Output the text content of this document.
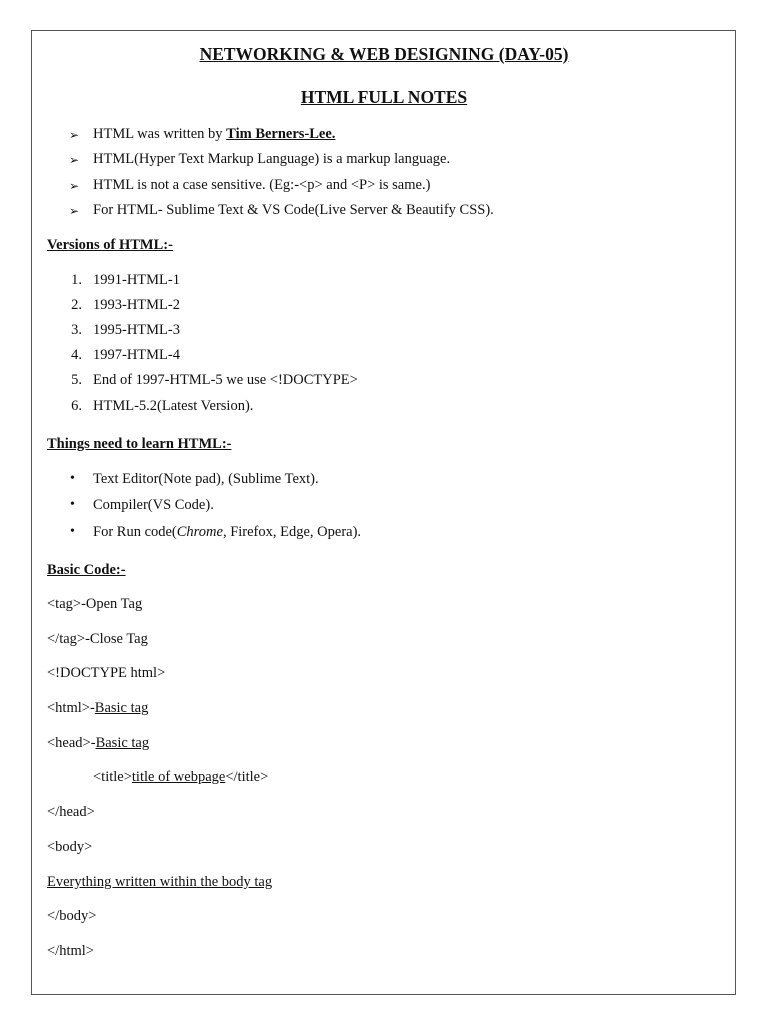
NETWORKING & WEB DESIGNING (DAY-05)
HTML FULL NOTES
➢ HTML was written by Tim Berners-Lee.
➢ HTML(Hyper Text Markup Language) is a markup language.
➢ HTML is not a case sensitive. (Eg:-<p> and <P> is same.)
➢ For HTML- Sublime Text & VS Code(Live Server & Beautify CSS).
Versions of HTML:-
1. 1991-HTML-1
2. 1993-HTML-2
3. 1995-HTML-3
4. 1997-HTML-4
5. End of 1997-HTML-5 we use <!DOCTYPE>
6. HTML-5.2(Latest Version).
Things need to learn HTML:-
• Text Editor(Note pad), (Sublime Text).
• Compiler(VS Code).
• For Run code(Chrome, Firefox, Edge, Opera).
Basic Code:-
<tag>-Open Tag
</tag>-Close Tag
<!DOCTYPE html>
<html>-Basic tag
<head>-Basic tag
<title>title of webpage</title>
</head>
<body>
Everything written within the body tag
</body>
</html>
